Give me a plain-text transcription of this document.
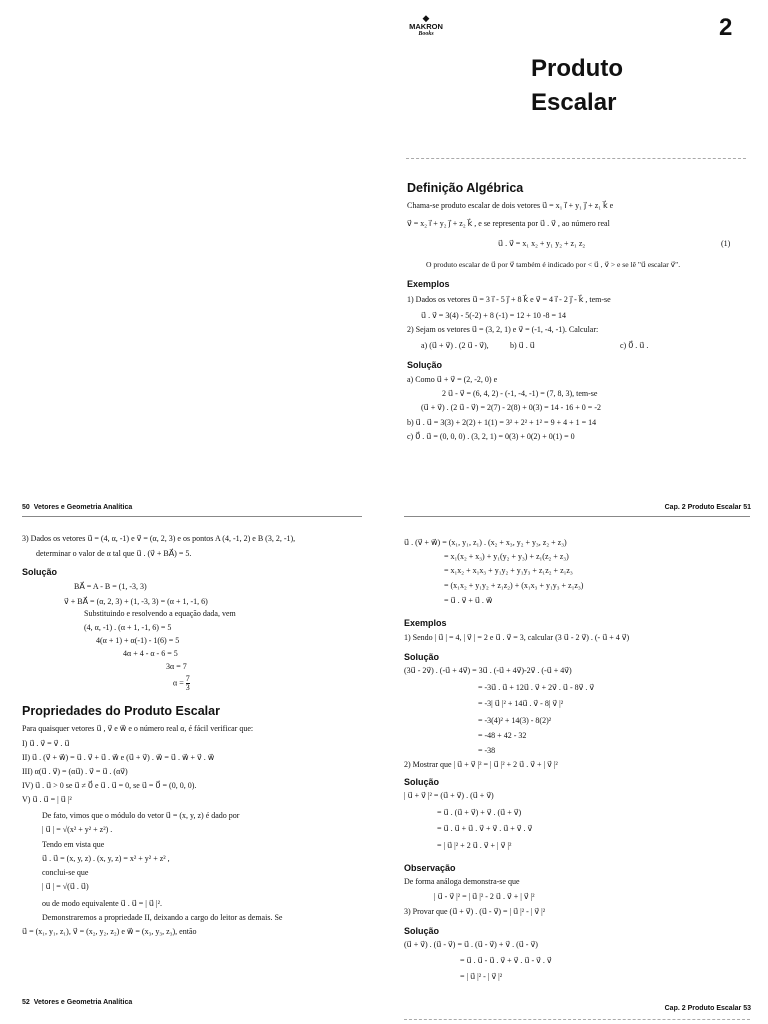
◆
MAKRON
Books	2
Produto
Escalar
Definição Algébrica
Chama-se produto escalar de dois vetores u⃗ = x₁ i⃗ + y₁ j⃗ + z₁ k⃗ e
v⃗ = x₂ i⃗ + y₂ j⃗ + z₂ k⃗ , e se representa por u⃗ . v⃗ , ao número real
u⃗ . v⃗ = x₁ x₂ + y₁ y₂ + z₁ z₂	(1)
O produto escalar de u⃗ por v⃗ também é indicado por < u⃗ , v⃗ > e se lê "u⃗ escalar v⃗".
Exemplos
1) Dados os vetores u⃗ = 3 i⃗ - 5 j⃗ + 8 k⃗ e v⃗ = 4 i⃗ - 2 j⃗ - k⃗ , tem-se
u⃗ . v⃗ = 3(4) - 5(-2) + 8 (-1) = 12 + 10 -8 = 14
2) Sejam os vetores u⃗ = (3, 2, 1) e v⃗ = (-1, -4, -1). Calcular:
a) (u⃗ + v⃗) . (2 u⃗ - v⃗),	b) u⃗ . u⃗	c) 0⃗ . u⃗ .
Solução
a) Como u⃗ + v⃗ = (2, -2, 0) e
2 u⃗ - v⃗ = (6, 4, 2) - (-1, -4, -1) = (7, 8, 3), tem-se
(u⃗ + v⃗) . (2 u⃗ - v⃗) = 2(7) - 2(8) + 0(3) = 14 - 16 + 0 = -2
b) u⃗ . u⃗ = 3(3) + 2(2) + 1(1) = 3² + 2² + 1² = 9 + 4 + 1 = 14
c) 0⃗ . u⃗ = (0, 0, 0) . (3, 2, 1) = 0(3) + 0(2) + 0(1) = 0
50 Vetores e Geometria Analítica
3) Dados os vetores u⃗ = (4, α, -1) e v⃗ = (α, 2, 3) e os pontos A (4, -1, 2) e B (3, 2, -1),
determinar o valor de α tal que u⃗ . (v⃗ + BA⃗) = 5.
Solução
BA⃗ = A - B = (1, -3, 3)
v⃗ + BA⃗ = (α, 2, 3) + (1, -3, 3) = (α + 1, -1, 6)
Substituindo e resolvendo a equação dada, vem
(4, α, -1) . (α + 1, -1, 6) = 5
4(α + 1) + α(-1) - 1(6) = 5
4α + 4 - α - 6 = 5
3α = 7
$\alpha = \frac{7}{3}$
Propriedades do Produto Escalar
Para quaisquer vetores u⃗ , v⃗ e w⃗ e o número real α, é fácil verificar que:
I) u⃗ . v⃗ = v⃗ . u⃗
II) u⃗ . (v⃗ + w⃗) = u⃗ . v⃗ + u⃗ . w⃗ e (u⃗ + v⃗) . w⃗ = u⃗ . w⃗ + v⃗ . w⃗
III) α(u⃗ . v⃗) = (αu⃗) . v⃗ = u⃗ . (αv⃗)
IV) u⃗ . u⃗ > 0 se u⃗ ≠ 0⃗ e u⃗ . u⃗ = 0, se u⃗ = 0⃗ = (0, 0, 0).
V) u⃗ . u⃗ = | u⃗ |²
De fato, vimos que o módulo do vetor u⃗ = (x, y, z) é dado por
| u⃗ | = √(x² + y² + z²) .
Tendo em vista que
u⃗ . u⃗ = (x, y, z) . (x, y, z) = x² + y² + z² ,
conclui-se que
| u⃗ | = √(u⃗ . u⃗)
ou de modo equivalente u⃗ . u⃗ = | u⃗ |².
Demonstraremos a propriedade II, deixando a cargo do leitor as demais. Se
u⃗ = (x₁, y₁, z₁), v⃗ = (x₂, y₂, z₂) e w⃗ = (x₃, y₃, z₃), então
52 Vetores e Geometria Analítica
Cap. 2 Produto Escalar 51
u⃗ . (v⃗ + w⃗) = (x₁, y₁, z₁) . (x₂ + x₃, y₂ + y₃, z₂ + z₃)
= x₁(x₂ + x₃) + y₁(y₂ + y₃) + z₁(z₂ + z₃)
= x₁x₂ + x₁x₃ + y₁y₂ + y₁y₃ + z₁z₂ + z₁z₃
= (x₁x₂ + y₁y₂ + z₁z₂) + (x₁x₃ + y₁y₃ + z₁z₃)
= u⃗ . v⃗ + u⃗ . w⃗
Exemplos
1) Sendo | u⃗ | = 4, | v⃗ | = 2 e u⃗ . v⃗ = 3, calcular (3 u⃗ - 2 v⃗) . (- u⃗ + 4 v⃗)
Solução
(3u⃗ - 2v⃗) . (-u⃗ + 4v⃗) = 3u⃗ . (-u⃗ + 4v⃗)-2v⃗ . (-u⃗ + 4v⃗)
= -3u⃗ . u⃗ + 12u⃗ . v⃗ + 2v⃗ . u⃗ - 8v⃗ . v⃗
= -3| u⃗ |² + 14u⃗ . v⃗ - 8| v⃗ |²
= -3(4)² + 14(3) - 8(2)²
= -48 + 42 - 32
= -38
2) Mostrar que | u⃗ + v⃗ |² = | u⃗ |² + 2 u⃗ . v⃗ + | v⃗ |²
Solução
| u⃗ + v⃗ |² = (u⃗ + v⃗) . (u⃗ + v⃗)
= u⃗ . (u⃗ + v⃗) + v⃗ . (u⃗ + v⃗)
= u⃗ . u⃗ + u⃗ . v⃗ + v⃗ . u⃗ + v⃗ . v⃗
= | u⃗ |² + 2 u⃗ . v⃗ + | v⃗ |²
Observação
De forma análoga demonstra-se que
| u⃗ - v⃗ |² = | u⃗ |² - 2 u⃗ . v⃗ + | v⃗ |²
3) Provar que (u⃗ + v⃗) . (u⃗ - v⃗) = | u⃗ |² - | v⃗ |²
Solução
(u⃗ + v⃗) . (u⃗ - v⃗) = u⃗ . (u⃗ - v⃗) + v⃗ . (u⃗ - v⃗)
= u⃗ . u⃗ - u⃗ . v⃗ + v⃗ . u⃗ - v⃗ . v⃗
= | u⃗ |² - | v⃗ |²
Cap. 2 Produto Escalar 53
